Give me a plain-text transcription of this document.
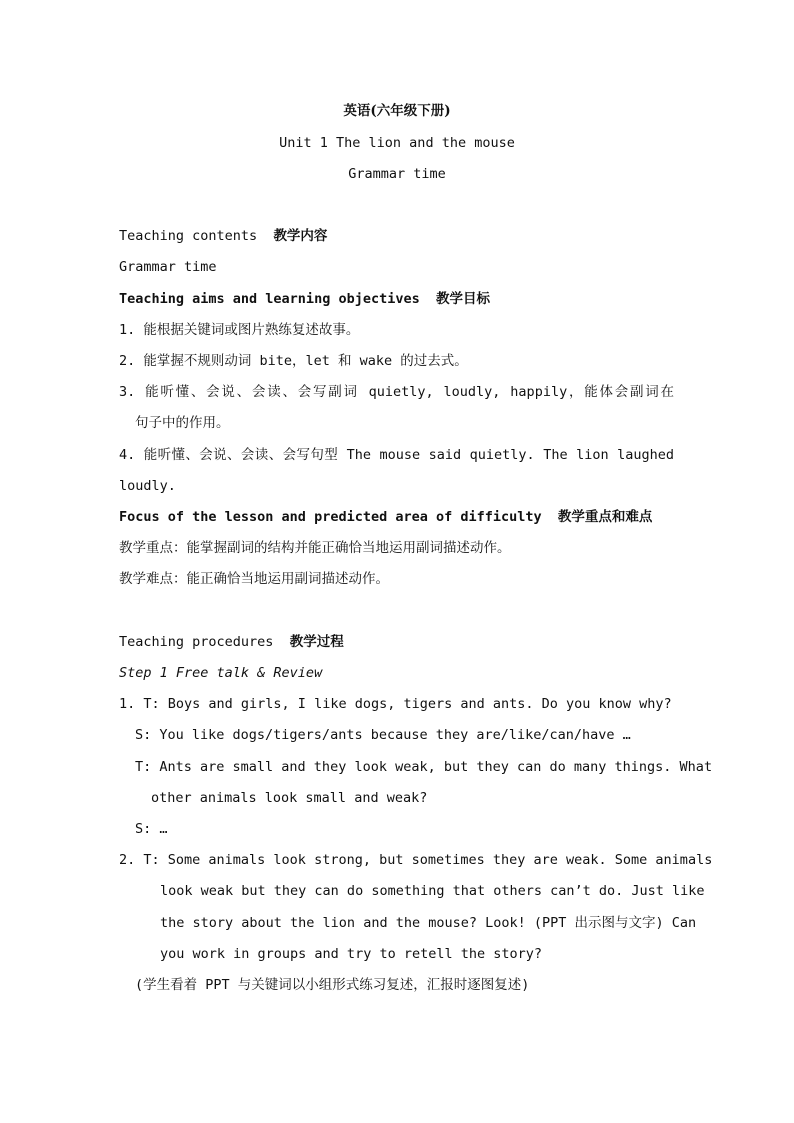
英语(六年级下册)
Unit 1 The lion and the mouse
Grammar time
Teaching contents 教学内容
Grammar time
Teaching aims and learning objectives 教学目标
1. 能根据关键词或图片熟练复述故事。
2. 能掌握不规则动词 bite，let 和 wake 的过去式。
3. 能听懂、会说、会读、会写副词 quietly, loudly, happily，能体会副词在
句子中的作用。
4. 能听懂、会说、会读、会写句型 The mouse said quietly. The lion laughed
loudly.
Focus of the lesson and predicted area of difficulty 教学重点和难点
教学重点：能掌握副词的结构并能正确恰当地运用副词描述动作。
教学难点：能正确恰当地运用副词描述动作。
Teaching procedures 教学过程
Step 1 Free talk & Review
1. T: Boys and girls, I like dogs, tigers and ants. Do you know why?
S: You like dogs/tigers/ants because they are/like/can/have …
T: Ants are small and they look weak, but they can do many things. What
other animals look small and weak?
S: …
2. T: Some animals look strong, but sometimes they are weak. Some animals
look weak but they can do something that others can’t do. Just like
the story about the lion and the mouse? Look! (PPT 出示图与文字) Can
you work in groups and try to retell the story?
(学生看着 PPT 与关键词以小组形式练习复述，汇报时逐图复述)
